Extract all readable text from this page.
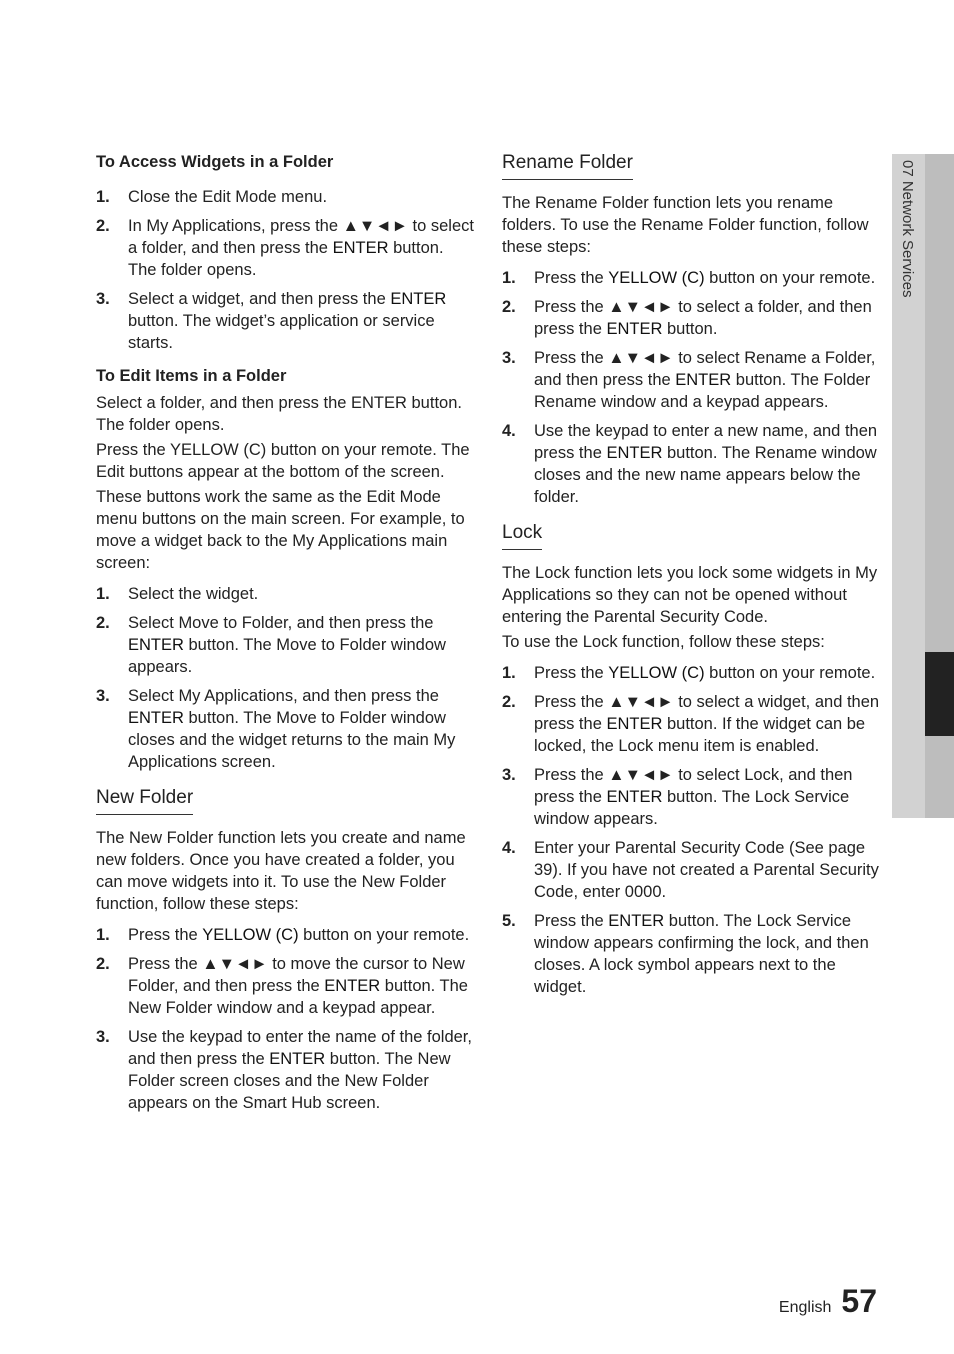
07 Network Services
To Access Widgets in a Folder
1.	Close the Edit Mode menu.
2.	In My Applications, press the ▲▼◄► to select a folder, and then press the ENTER button. The folder opens.
3.	Select a widget, and then press the ENTER button. The widget’s application or service starts.
To Edit Items in a Folder

Select a folder, and then press the ENTER button. The folder opens.

Press the YELLOW (C) button on your remote. The Edit buttons appear at the bottom of the screen.

These buttons work the same as the Edit Mode menu buttons on the main screen. For example, to move a widget back to the My Applications main screen:

1.	Select the widget.
2.	Select Move to Folder, and then press the ENTER button. The Move to Folder window appears.
3.	Select My Applications, and then press the ENTER button. The Move to Folder window closes and the widget returns to the main My Applications screen.
New Folder

The New Folder function lets you create and name new folders. Once you have created a folder, you can move widgets into it. To use the New Folder function, follow these steps:

1.	Press the YELLOW (C) button on your remote.
2.	Press the ▲▼◄► to move the cursor to New Folder, and then press the ENTER button. The New Folder window and a keypad appear.
3.	Use the keypad to enter the name of the folder, and then press the ENTER button. The New Folder screen closes and the New Folder appears on the Smart Hub screen.
Rename Folder

The Rename Folder function lets you rename folders. To use the Rename Folder function, follow these steps:

1.	Press the YELLOW (C) button on your remote.
2.	Press the ▲▼◄► to select a folder, and then press the ENTER button.
3.	Press the ▲▼◄► to select Rename a Folder, and then press the ENTER button. The Folder Rename window and a keypad appears.
4.	Use the keypad to enter a new name, and then press the ENTER button. The Rename window closes and the new name appears below the folder.
Lock

The Lock function lets you lock some widgets in My Applications so they can not be opened without entering the Parental Security Code.

To use the Lock function, follow these steps:

1.	Press the YELLOW (C) button on your remote.
2.	Press the ▲▼◄► to select a widget, and then press the ENTER button. If the widget can be locked, the Lock menu item is enabled.
3.	Press the ▲▼◄► to select Lock, and then press the ENTER button. The Lock Service window appears.
4.	Enter your Parental Security Code (See page 39). If you have not created a Parental Security Code, enter 0000.
5.	Press the ENTER button. The Lock Service window appears confirming the lock, and then closes. A lock symbol appears next to the widget.
English 57
